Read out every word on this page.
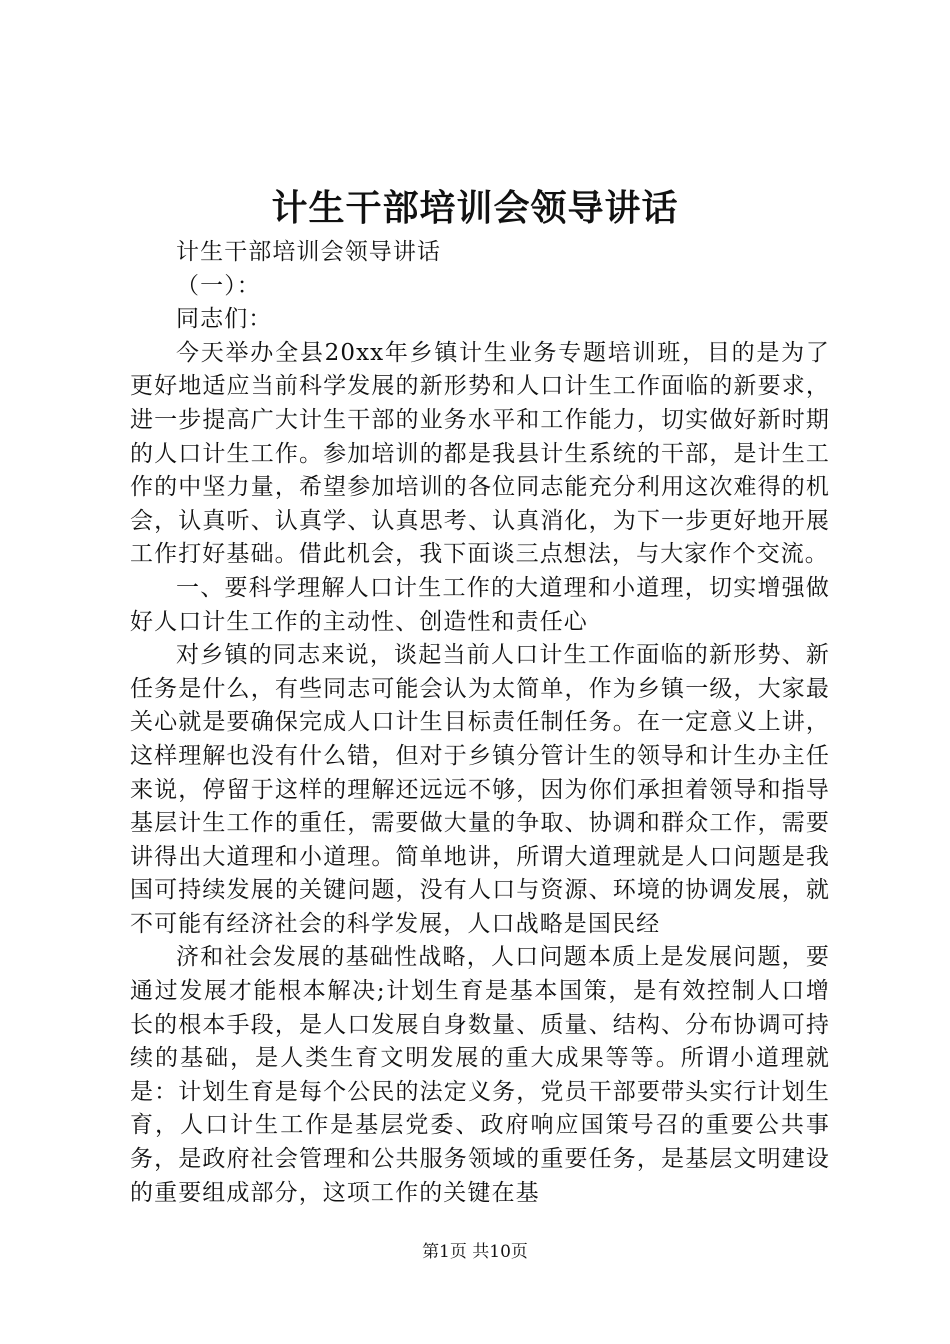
计生干部培训会领导讲话

计生干部培训会领导讲话

（一）：

同志们：

今天举办全县20xx年乡镇计生业务专题培训班，目的是为了更好地适应当前科学发展的新形势和人口计生工作面临的新要求，进一步提高广大计生干部的业务水平和工作能力，切实做好新时期的人口计生工作。参加培训的都是我县计生系统的干部，是计生工作的中坚力量，希望参加培训的各位同志能充分利用这次难得的机会，认真听、认真学、认真思考、认真消化，为下一步更好地开展工作打好基础。借此机会，我下面谈三点想法，与大家作个交流。

一、要科学理解人口计生工作的大道理和小道理，切实增强做好人口计生工作的主动性、创造性和责任心

对乡镇的同志来说，谈起当前人口计生工作面临的新形势、新任务是什么，有些同志可能会认为太简单，作为乡镇一级，大家最关心就是要确保完成人口计生目标责任制任务。在一定意义上讲，这样理解也没有什么错，但对于乡镇分管计生的领导和计生办主任来说，停留于这样的理解还远远不够，因为你们承担着领导和指导基层计生工作的重任，需要做大量的争取、协调和群众工作，需要讲得出大道理和小道理。简单地讲，所谓大道理就是人口问题是我国可持续发展的关键问题，没有人口与资源、环境的协调发展，就不可能有经济社会的科学发展，人口战略是国民经

济和社会发展的基础性战略，人口问题本质上是发展问题，要通过发展才能根本解决;计划生育是基本国策，是有效控制人口增长的根本手段，是人口发展自身数量、质量、结构、分布协调可持续的基础，是人类生育文明发展的重大成果等等。所谓小道理就是：计划生育是每个公民的法定义务，党员干部要带头实行计划生育，人口计生工作是基层党委、政府响应国策号召的重要公共事务，是政府社会管理和公共服务领域的重要任务，是基层文明建设的重要组成部分，这项工作的关键在基

第1页 共10页
